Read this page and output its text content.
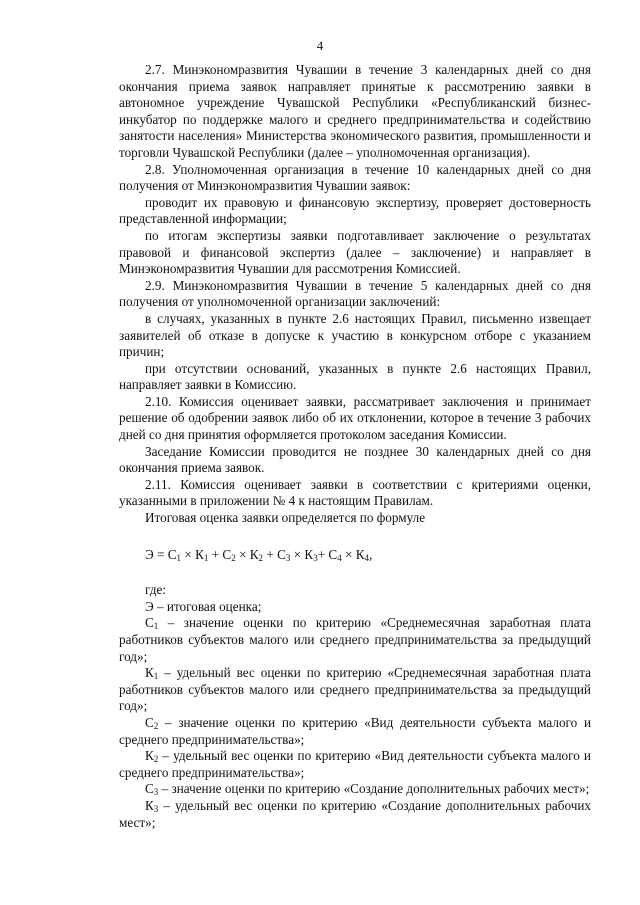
4

2.7. Минэкономразвития Чувашии в течение 3 календарных дней со дня окончания приема заявок направляет принятые к рассмотрению заявки в автономное учреждение Чувашской Республики «Республиканский бизнес-инкубатор по поддержке малого и среднего предпринимательства и содействию занятости населения» Министерства экономического развития, промышленности и торговли Чувашской Республики (далее – уполномоченная организация).

2.8. Уполномоченная организация в течение 10 календарных дней со дня получения от Минэкономразвития Чувашии заявок:

проводит их правовую и финансовую экспертизу, проверяет достоверность представленной информации;

по итогам экспертизы заявки подготавливает заключение о результатах правовой и финансовой экспертиз (далее – заключение) и направляет в Минэкономразвития Чувашии для рассмотрения Комиссией.

2.9. Минэкономразвития Чувашии в течение 5 календарных дней со дня получения от уполномоченной организации заключений:

в случаях, указанных в пункте 2.6 настоящих Правил, письменно извещает заявителей об отказе в допуске к участию в конкурсном отборе с указанием причин;

при отсутствии оснований, указанных в пункте 2.6 настоящих Правил, направляет заявки в Комиссию.

2.10. Комиссия оценивает заявки, рассматривает заключения и принимает решение об одобрении заявок либо об их отклонении, которое в течение 3 рабочих дней со дня принятия оформляется протоколом заседания Комиссии.

Заседание Комиссии проводится не позднее 30 календарных дней со дня окончания приема заявок.

2.11. Комиссия оценивает заявки в соответствии с критериями оценки, указанными в приложении № 4 к настоящим Правилам.

Итоговая оценка заявки определяется по формуле

$Э = С_1 \times К_1 + С_2 \times К_2 + С_3 \times К_3+ С_4 \times К_4$,

где:

Э – итоговая оценка;

$С_1$ – значение оценки по критерию «Среднемесячная заработная плата работников субъектов малого или среднего предпринимательства за предыдущий год»;

$К_1$ – удельный вес оценки по критерию «Среднемесячная заработная плата работников субъектов малого или среднего предпринимательства за предыдущий год»;

$С_2$ – значение оценки по критерию «Вид деятельности субъекта малого и среднего предпринимательства»;

$К_2$ – удельный вес оценки по критерию «Вид деятельности субъекта малого и среднего предпринимательства»;

$С_3$ – значение оценки по критерию «Создание дополнительных рабочих мест»;

$К_3$ – удельный вес оценки по критерию «Создание дополнительных рабочих мест»;
